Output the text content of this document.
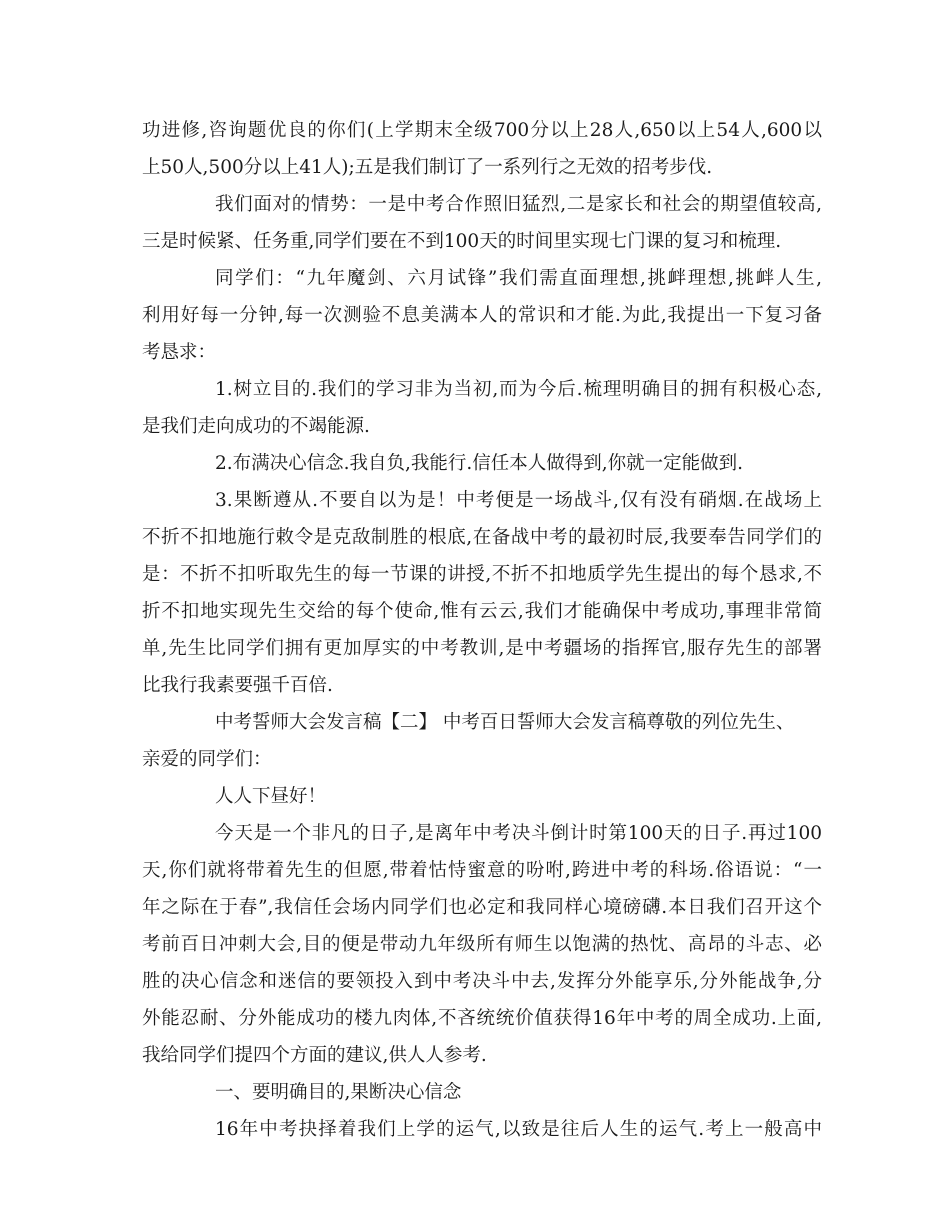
功进修,咨询题优良的你们(上学期末全级700分以上28人,650以上54人,600以
上50人,500分以上41人);五是我们制订了一系列行之无效的招考步伐.
我们面对的情势：一是中考合作照旧猛烈,二是家长和社会的期望值较高,
三是时候紧、任务重,同学们要在不到100天的时间里实现七门课的复习和梳理.
同学们：“九年魔剑、六月试锋”我们需直面理想,挑衅理想,挑衅人生,
利用好每一分钟,每一次测验不息美满本人的常识和才能.为此,我提出一下复习备
考恳求：
1.树立目的.我们的学习非为当初,而为今后.梳理明确目的拥有积极心态,
是我们走向成功的不竭能源.
2.布满决心信念.我自负,我能行.信任本人做得到,你就一定能做到.
3.果断遵从.不要自以为是！中考便是一场战斗,仅有没有硝烟.在战场上
不折不扣地施行敕令是克敌制胜的根底,在备战中考的最初时辰,我要奉告同学们的
是：不折不扣听取先生的每一节课的讲授,不折不扣地质学先生提出的每个恳求,不
折不扣地实现先生交给的每个使命,惟有云云,我们才能确保中考成功,事理非常简
单,先生比同学们拥有更加厚实的中考教训,是中考疆场的指挥官,服存先生的部署
比我行我素要强千百倍.
中考誓师大会发言稿【二】 中考百日誓师大会发言稿尊敬的列位先生、
亲爱的同学们：
人人下昼好！
今天是一个非凡的日子,是离年中考决斗倒计时第100天的日子.再过100
天,你们就将带着先生的但愿,带着怙恃蜜意的吩咐,跨进中考的科场.俗语说：“一
年之际在于春”,我信任会场内同学们也必定和我同样心境磅礴.本日我们召开这个
考前百日冲刺大会,目的便是带动九年级所有师生以饱满的热忱、高昂的斗志、必
胜的决心信念和迷信的要领投入到中考决斗中去,发挥分外能享乐,分外能战争,分
外能忍耐、分外能成功的楼九肉体,不吝统统价值获得16年中考的周全成功.上面,
我给同学们提四个方面的建议,供人人参考.
一、要明确目的,果断决心信念
16年中考抉择着我们上学的运气,以致是往后人生的运气.考上一般高中
